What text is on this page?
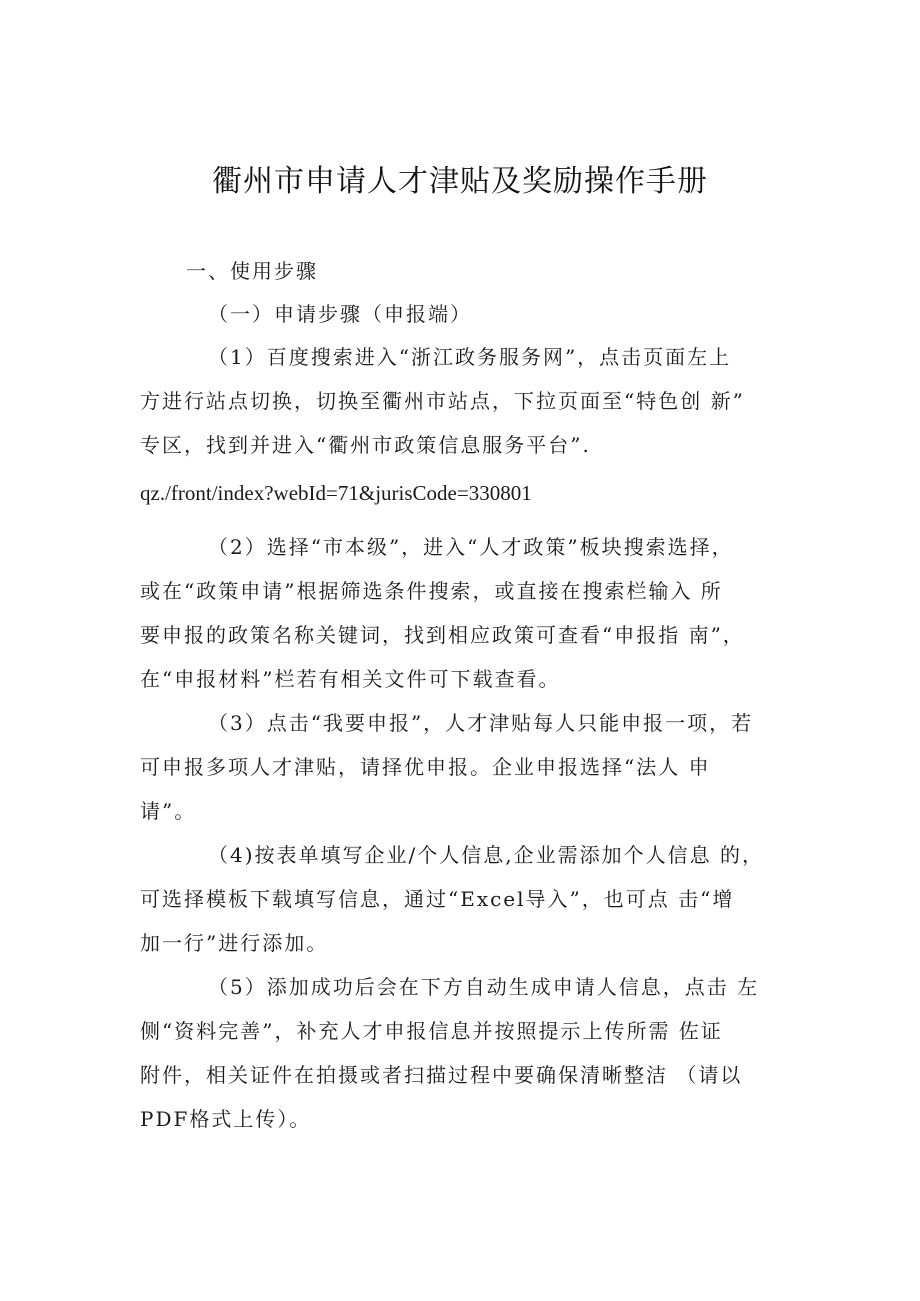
衢州市申请人才津贴及奖励操作手册
一、使用步骤
（一）申请步骤（申报端）
（1）百度搜索进入“浙江政务服务网”，点击页面左上
方进行站点切换，切换至衢州市站点，下拉页面至“特色创 新”
专区，找到并进入“衢州市政策信息服务平台”.
qz./front/index?webId=71&jurisCode=330801
（2）选择“市本级”，进入“人才政策”板块搜索选择，
或在“政策申请”根据筛选条件搜索，或直接在搜索栏输入 所
要申报的政策名称关键词，找到相应政策可查看“申报指 南”，
在“申报材料”栏若有相关文件可下载查看。
（3）点击“我要申报”，人才津贴每人只能申报一项，若
可申报多项人才津贴，请择优申报。企业申报选择“法人 申
请”。
（4)按表单填写企业/个人信息,企业需添加个人信息 的，
可选择模板下载填写信息，通过“Excel导入”，也可点 击“增
加一行”进行添加。
（5）添加成功后会在下方自动生成申请人信息，点击 左
侧“资料完善”，补充人才申报信息并按照提示上传所需 佐证
附件，相关证件在拍摄或者扫描过程中要确保清晰整洁 （请以
PDF格式上传）。
